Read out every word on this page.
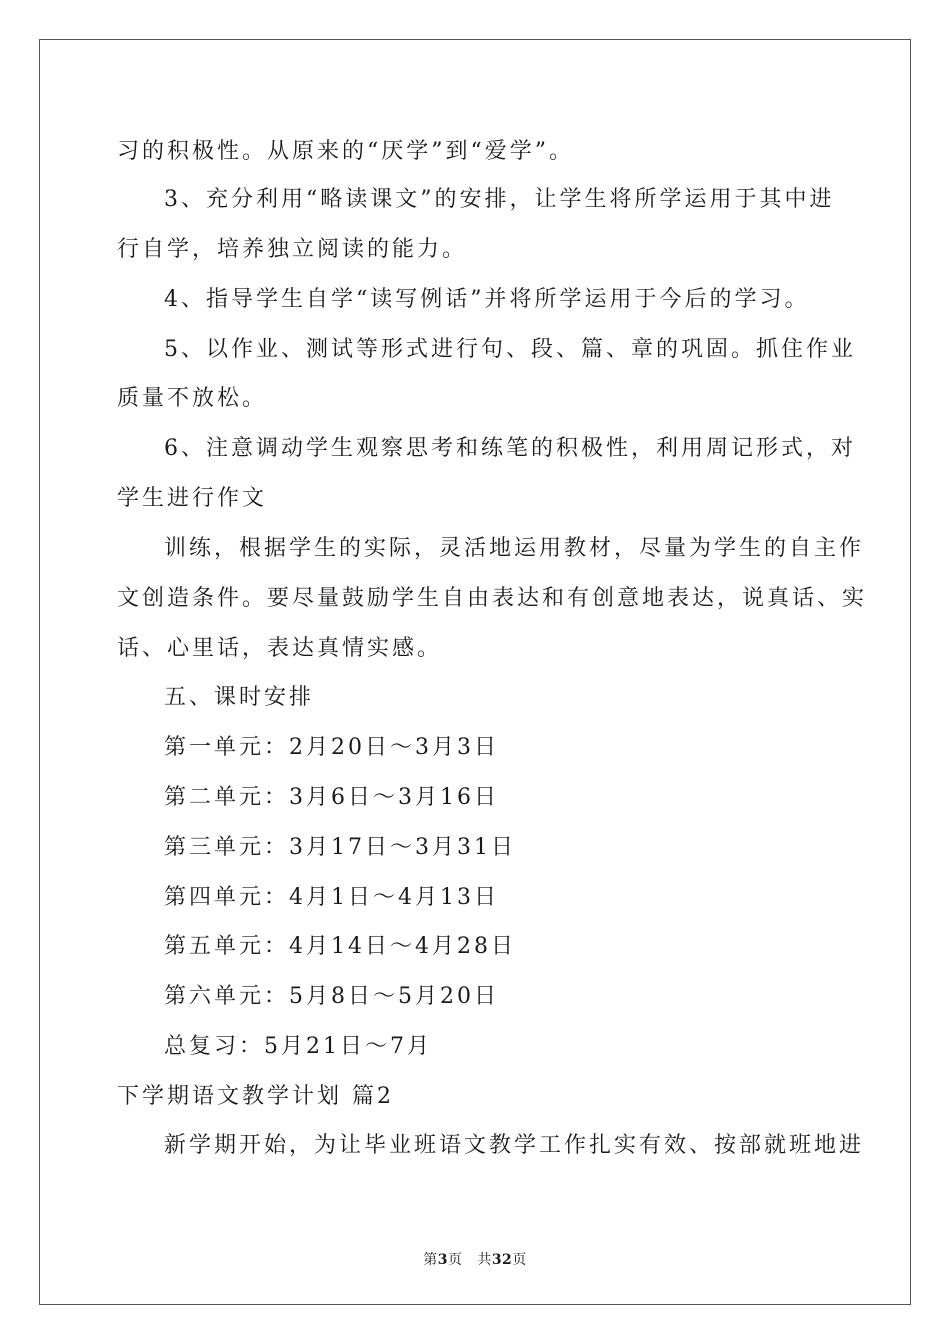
习的积极性。从原来的“厌学”到“爱学”。
3、充分利用“略读课文”的安排，让学生将所学运用于其中进
行自学，培养独立阅读的能力。
4、指导学生自学“读写例话”并将所学运用于今后的学习。
5、以作业、测试等形式进行句、段、篇、章的巩固。抓住作业
质量不放松。
6、注意调动学生观察思考和练笔的积极性，利用周记形式，对
学生进行作文
训练，根据学生的实际，灵活地运用教材，尽量为学生的自主作
文创造条件。要尽量鼓励学生自由表达和有创意地表达，说真话、实
话、心里话，表达真情实感。
五、课时安排
第一单元：2月20日～3月3日
第二单元：3月6日～3月16日
第三单元：3月17日～3月31日
第四单元：4月1日～4月13日
第五单元：4月14日～4月28日
第六单元：5月8日～5月20日
总复习：5月21日～7月
下学期语文教学计划 篇2
新学期开始，为让毕业班语文教学工作扎实有效、按部就班地进
第3页 共32页
